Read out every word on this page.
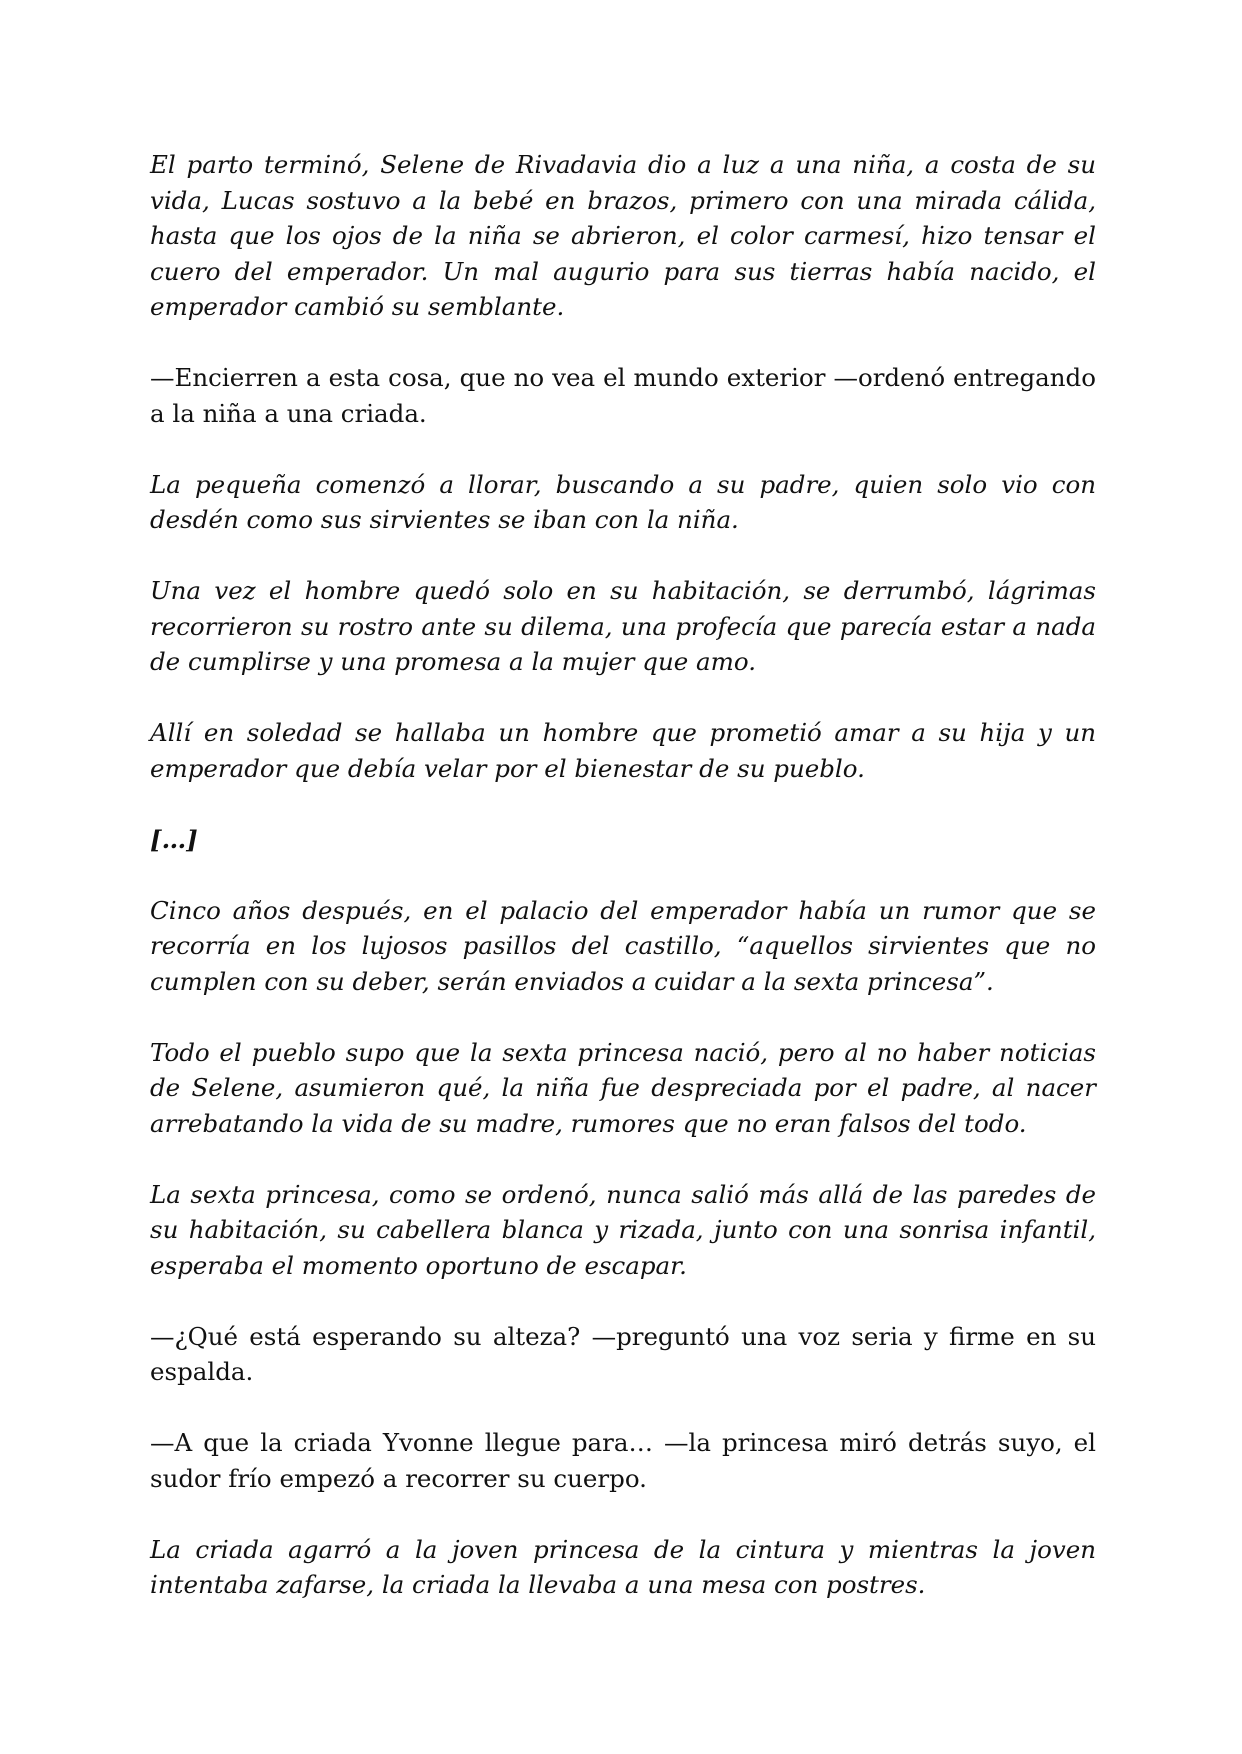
El parto terminó, Selene de Rivadavia dio a luz a una niña, a costa de su vida, Lucas sostuvo a la bebé en brazos, primero con una mirada cálida, hasta que los ojos de la niña se abrieron, el color carmesí, hizo tensar el cuero del emperador. Un mal augurio para sus tierras había nacido, el emperador cambió su semblante.

—Encierren a esta cosa, que no vea el mundo exterior —ordenó entregando a la niña a una criada.

La pequeña comenzó a llorar, buscando a su padre, quien solo vio con desdén como sus sirvientes se iban con la niña.

Una vez el hombre quedó solo en su habitación, se derrumbó, lágrimas recorrieron su rostro ante su dilema, una profecía que parecía estar a nada de cumplirse y una promesa a la mujer que amo.

Allí en soledad se hallaba un hombre que prometió amar a su hija y un emperador que debía velar por el bienestar de su pueblo.

[…]

Cinco años después, en el palacio del emperador había un rumor que se recorría en los lujosos pasillos del castillo, “aquellos sirvientes que no cumplen con su deber, serán enviados a cuidar a la sexta princesa”.

Todo el pueblo supo que la sexta princesa nació, pero al no haber noticias de Selene, asumieron qué, la niña fue despreciada por el padre, al nacer arrebatando la vida de su madre, rumores que no eran falsos del todo.

La sexta princesa, como se ordenó, nunca salió más allá de las paredes de su habitación, su cabellera blanca y rizada, junto con una sonrisa infantil, esperaba el momento oportuno de escapar.

—¿Qué está esperando su alteza? —preguntó una voz seria y firme en su espalda.

—A que la criada Yvonne llegue para… —la princesa miró detrás suyo, el sudor frío empezó a recorrer su cuerpo.

La criada agarró a la joven princesa de la cintura y mientras la joven intentaba zafarse, la criada la llevaba a una mesa con postres.
